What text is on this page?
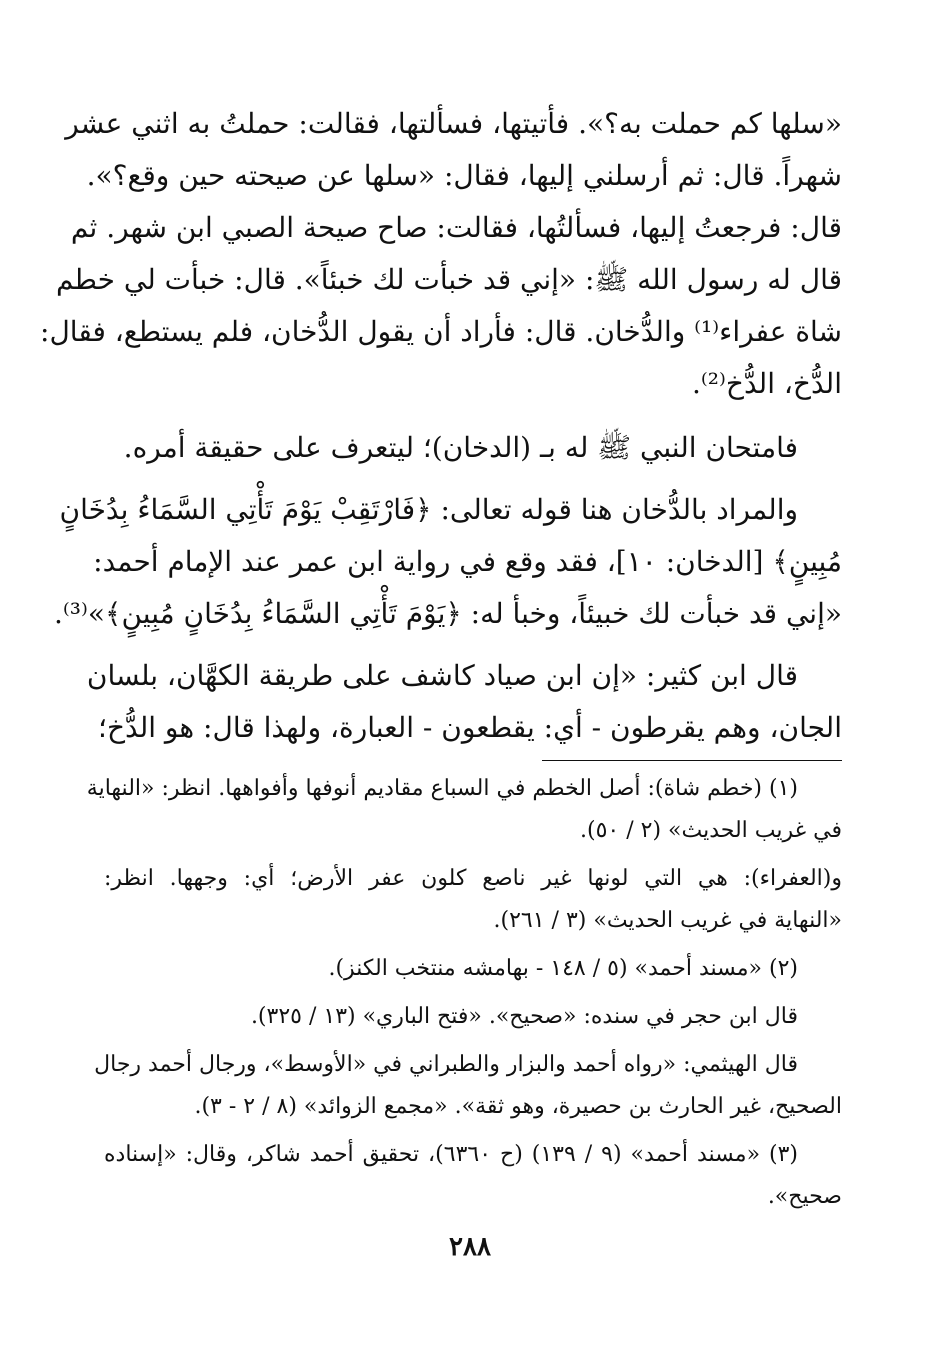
«سلها كم حملت به؟». فأتيتها، فسألتها، فقالت: حملتُ به اثني عشر
شهراً. قال: ثم أرسلني إليها، فقال: «سلها عن صيحته حين وقع؟».
قال: فرجعتُ إليها، فسألتُها، فقالت: صاح صيحة الصبي ابن شهر. ثم
قال له رسول الله ﷺ: «إني قد خبأت لك خبئاً». قال: خبأت لي خطم
شاة عفراء⁽¹⁾ والدُّخان. قال: فأراد أن يقول الدُّخان، فلم يستطع، فقال:
الدُّخ، الدُّخ⁽²⁾.
فامتحان النبي ﷺ له بـ (الدخان)؛ ليتعرف على حقيقة أمره.
والمراد بالدُّخان هنا قوله تعالى: ﴿فَارْتَقِبْ يَوْمَ تَأْتِي السَّمَاءُ بِدُخَانٍ
مُبِينٍ﴾ [الدخان: ١٠]، فقد وقع في رواية ابن عمر عند الإمام أحمد:
«إني قد خبأت لك خبيئاً، وخبأ له: ﴿يَوْمَ تَأْتِي السَّمَاءُ بِدُخَانٍ مُبِينٍ﴾»⁽³⁾.
قال ابن كثير: «إن ابن صياد كاشف على طريقة الكهَّان، بلسان
الجان، وهم يقرطون - أي: يقطعون - العبارة، ولهذا قال: هو الدُّخ؛
(١) (خطم شاة): أصل الخطم في السباع مقاديم أنوفها وأفواهها. انظر: «النهاية
في غريب الحديث» (٢ / ٥٠).
و(العفراء): هي التي لونها غير ناصع كلون عفر الأرض؛ أي: وجهها. انظر:
«النهاية في غريب الحديث» (٣ / ٢٦١).
(٢) «مسند أحمد» (٥ / ١٤٨ - بهامشه منتخب الكنز).
قال ابن حجر في سنده: «صحيح». «فتح الباري» (١٣ / ٣٢٥).
قال الهيثمي: «رواه أحمد والبزار والطبراني في «الأوسط»، ورجال أحمد رجال
الصحيح، غير الحارث بن حصيرة، وهو ثقة». «مجمع الزوائد» (٨ / ٢ - ٣).
(٣) «مسند أحمد» (٩ / ١٣٩) (ح ٦٣٦٠)، تحقيق أحمد شاكر، وقال: «إسناده
صحيح».
٢٨٨
